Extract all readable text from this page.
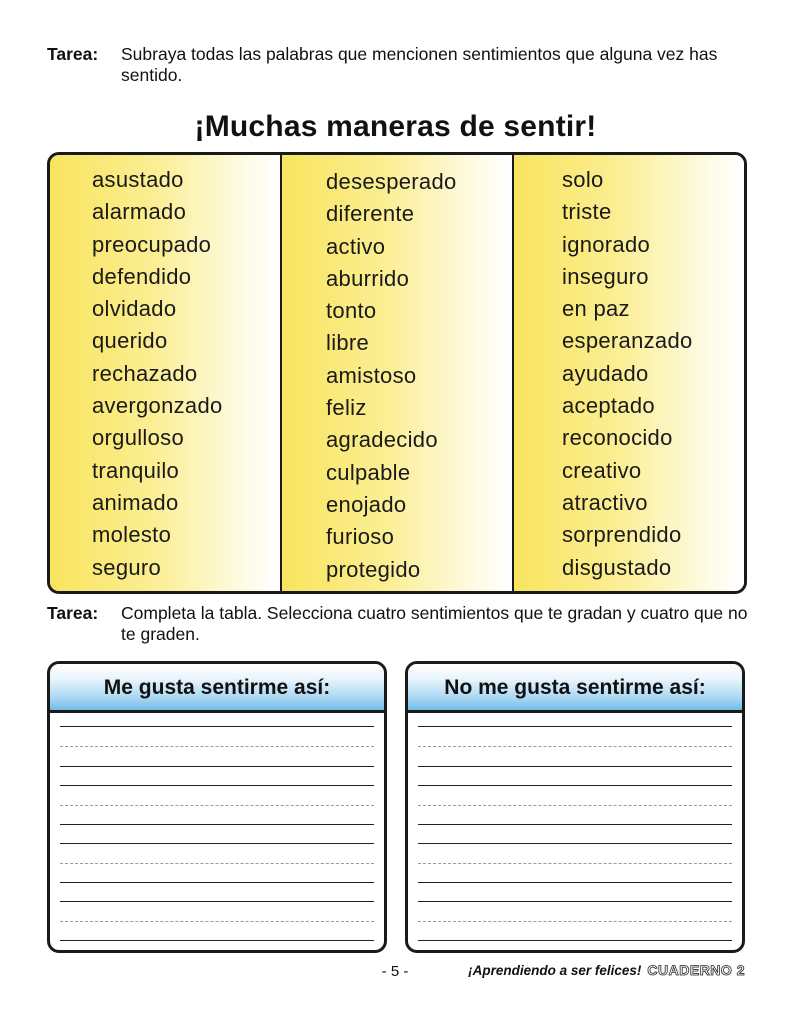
Tarea: Subraya todas las palabras que mencionen sentimientos que alguna vez has sentido.
¡Muchas maneras de sentir!
asustado
alarmado
preocupado
defendido
olvidado
querido
rechazado
avergonzado
orgulloso
tranquilo
animado
molesto
seguro
desesperado
diferente
activo
aburrido
tonto
libre
amistoso
feliz
agradecido
culpable
enojado
furioso
protegido
solo
triste
ignorado
inseguro
en paz
esperanzado
ayudado
aceptado
reconocido
creativo
atractivo
sorprendido
disgustado
Tarea: Completa la tabla. Selecciona cuatro sentimientos que te gradan y cuatro que no te graden.
Me gusta sentirme así:	No me gusta sentirme así:
- 5 -	¡Aprendiendo a ser felices! CUADERNO 2
